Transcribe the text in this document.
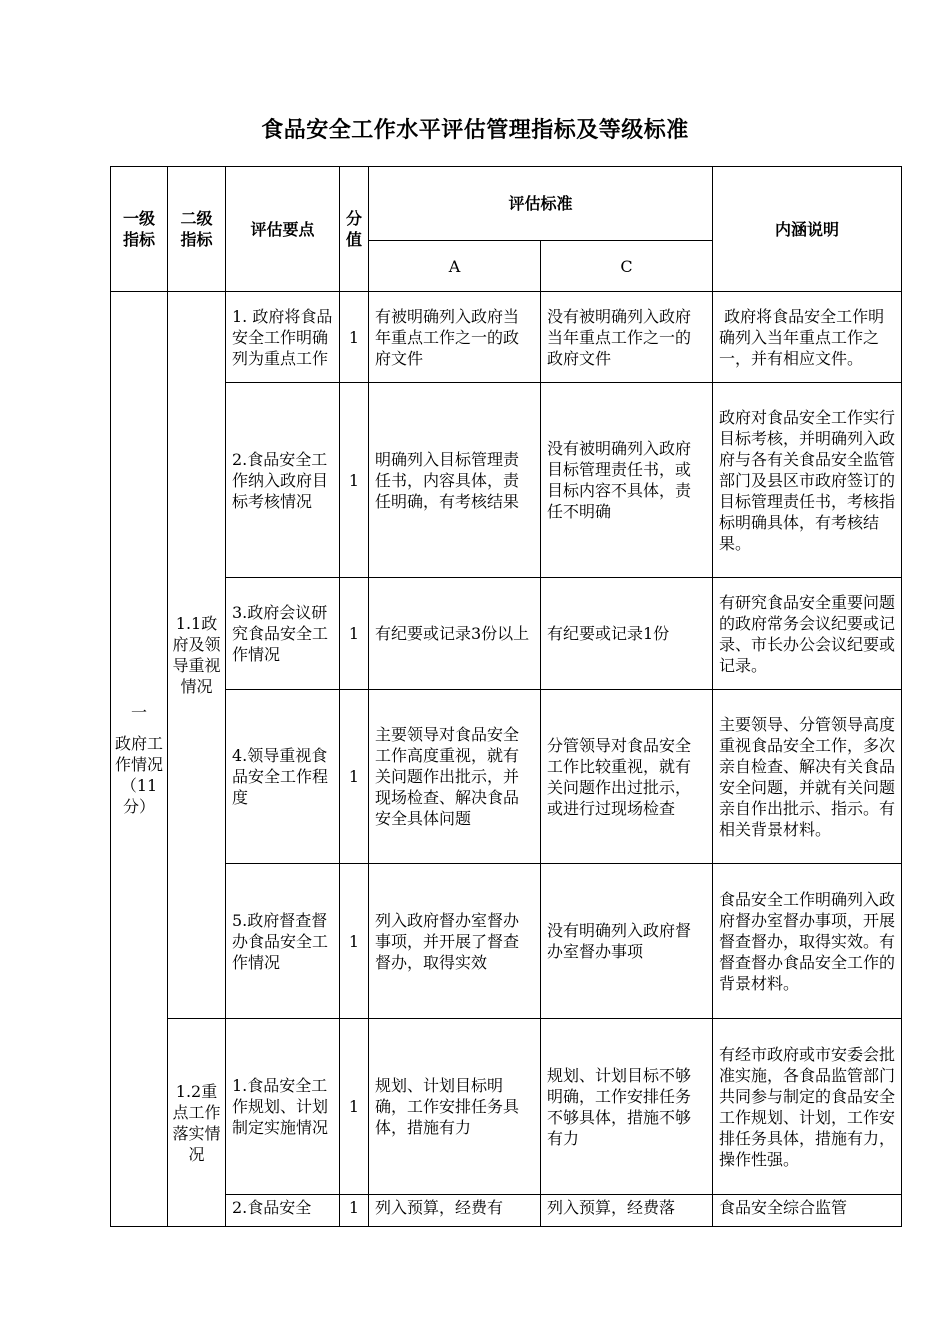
食品安全工作水平评估管理指标及等级标准
一级指标	二级指标	评估要点	分值	评估标准		内涵说明
				A	C	

一
政府工作情况（11分）	1.1政府及领导重视情况	1. 政府将食品安全工作明确列为重点工作	1	有被明确列入政府当年重点工作之一的政府文件	没有被明确列入政府当年重点工作之一的政府文件	政府将食品安全工作明确列入当年重点工作之一，并有相应文件。
		2.食品安全工作纳入政府目标考核情况	1	明确列入目标管理责任书，内容具体，责任明确，有考核结果	没有被明确列入政府目标管理责任书，或目标内容不具体，责任不明确	政府对食品安全工作实行目标考核，并明确列入政府与各有关食品安全监管部门及县区市政府签订的目标管理责任书，考核指标明确具体，有考核结果。
		3.政府会议研究食品安全工作情况	1	有纪要或记录3份以上	有纪要或记录1份	有研究食品安全重要问题的政府常务会议纪要或记录、市长办公会议纪要或记录。
		4.领导重视食品安全工作程度	1	主要领导对食品安全工作高度重视，就有关问题作出批示，并现场检查、解决食品安全具体问题	分管领导对食品安全工作比较重视，就有关问题作出过批示，或进行过现场检查	主要领导、分管领导高度重视食品安全工作，多次亲自检查、解决有关食品安全问题，并就有关问题亲自作出批示、指示。有相关背景材料。
		5.政府督查督办食品安全工作情况	1	列入政府督办室督办事项，并开展了督查督办，取得实效	没有明确列入政府督办室督办事项	食品安全工作明确列入政府督办室督办事项，开展督查督办，取得实效。有督查督办食品安全工作的背景材料。
	1.2重点工作落实情况	1.食品安全工作规划、计划制定实施情况	1	规划、计划目标明确，工作安排任务具体，措施有力	规划、计划目标不够明确，工作安排任务不够具体，措施不够有力	有经市政府或市安委会批准实施，各食品监管部门共同参与制定的食品安全工作规划、计划，工作安排任务具体，措施有力，操作性强。
		2.食品安全	1	列入预算，经费有	列入预算，经费落	食品安全综合监管
